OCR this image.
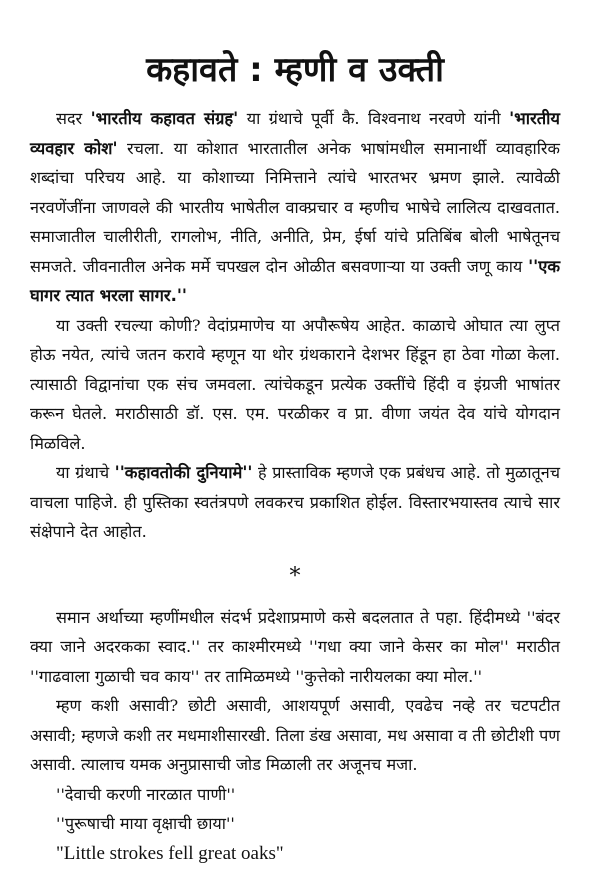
कहावते : म्हणी व उक्ती

सदर 'भारतीय कहावत संग्रह' या ग्रंथाचे पूर्वी कै. विश्वनाथ नरवणे यांनी 'भारतीय व्यवहार कोश' रचला. या कोशात भारतातील अनेक भाषांमधील समानार्थी व्यावहारिक शब्दांचा परिचय आहे. या कोशाच्या निमित्ताने त्यांचे भारतभर भ्रमण झाले. त्यावेळी नरवणेंजींना जाणवले की भारतीय भाषेतील वाक्प्रचार व म्हणीच भाषेचे लालित्य दाखवतात. समाजातील चालीरीती, रागलोभ, नीति, अनीति, प्रेम, ईर्षा यांचे प्रतिबिंब बोली भाषेतूनच समजते. जीवनातील अनेक मर्मे चपखल दोन ओळीत बसवणाऱ्या या उक्ती जणू काय ''एक घागर त्यात भरला सागर.''

या उक्ती रचल्या कोणी? वेदांप्रमाणेच या अपौरूषेय आहेत. काळाचे ओघात त्या लुप्त होऊ नयेत, त्यांचे जतन करावे म्हणून या थोर ग्रंथकाराने देशभर हिंडून हा ठेवा गोळा केला. त्यासाठी विद्वानांचा एक संच जमवला. त्यांचेकडून प्रत्येक उक्तींचे हिंदी व इंग्रजी भाषांतर करून घेतले. मराठीसाठी डॉ. एस. एम. परळीकर व प्रा. वीणा जयंत देव यांचे योगदान मिळविले.

या ग्रंथाचे ''कहावतोकी दुनियामे'' हे प्रास्ताविक म्हणजे एक प्रबंधच आहे. तो मुळातूनच वाचला पाहिजे. ही पुस्तिका स्वतंत्रपणे लवकरच प्रकाशित होईल. विस्तारभयास्तव त्याचे सार संक्षेपाने देत आहोत.

*

समान अर्थाच्या म्हणींमधील संदर्भ प्रदेशाप्रमाणे कसे बदलतात ते पहा. हिंदीमध्ये ''बंदर क्या जाने अदरकका स्वाद.'' तर काश्मीरमध्ये ''गधा क्या जाने केसर का मोल'' मराठीत ''गाढवाला गुळाची चव काय'' तर तामिळमध्ये ''कुत्तेको नारीयलका क्या मोल.''

म्हण कशी असावी? छोटी असावी, आशयपूर्ण असावी, एवढेच नव्हे तर चटपटीत असावी; म्हणजे कशी तर मधमाशीसारखी. तिला डंख असावा, मध असावा व ती छोटीशी पण असावी. त्यालाच यमक अनुप्रासाची जोड मिळाली तर अजूनच मजा.

''देवाची करणी नारळात पाणी''

''पुरूषाची माया वृक्षाची छाया''

"Little strokes fell great oaks"
